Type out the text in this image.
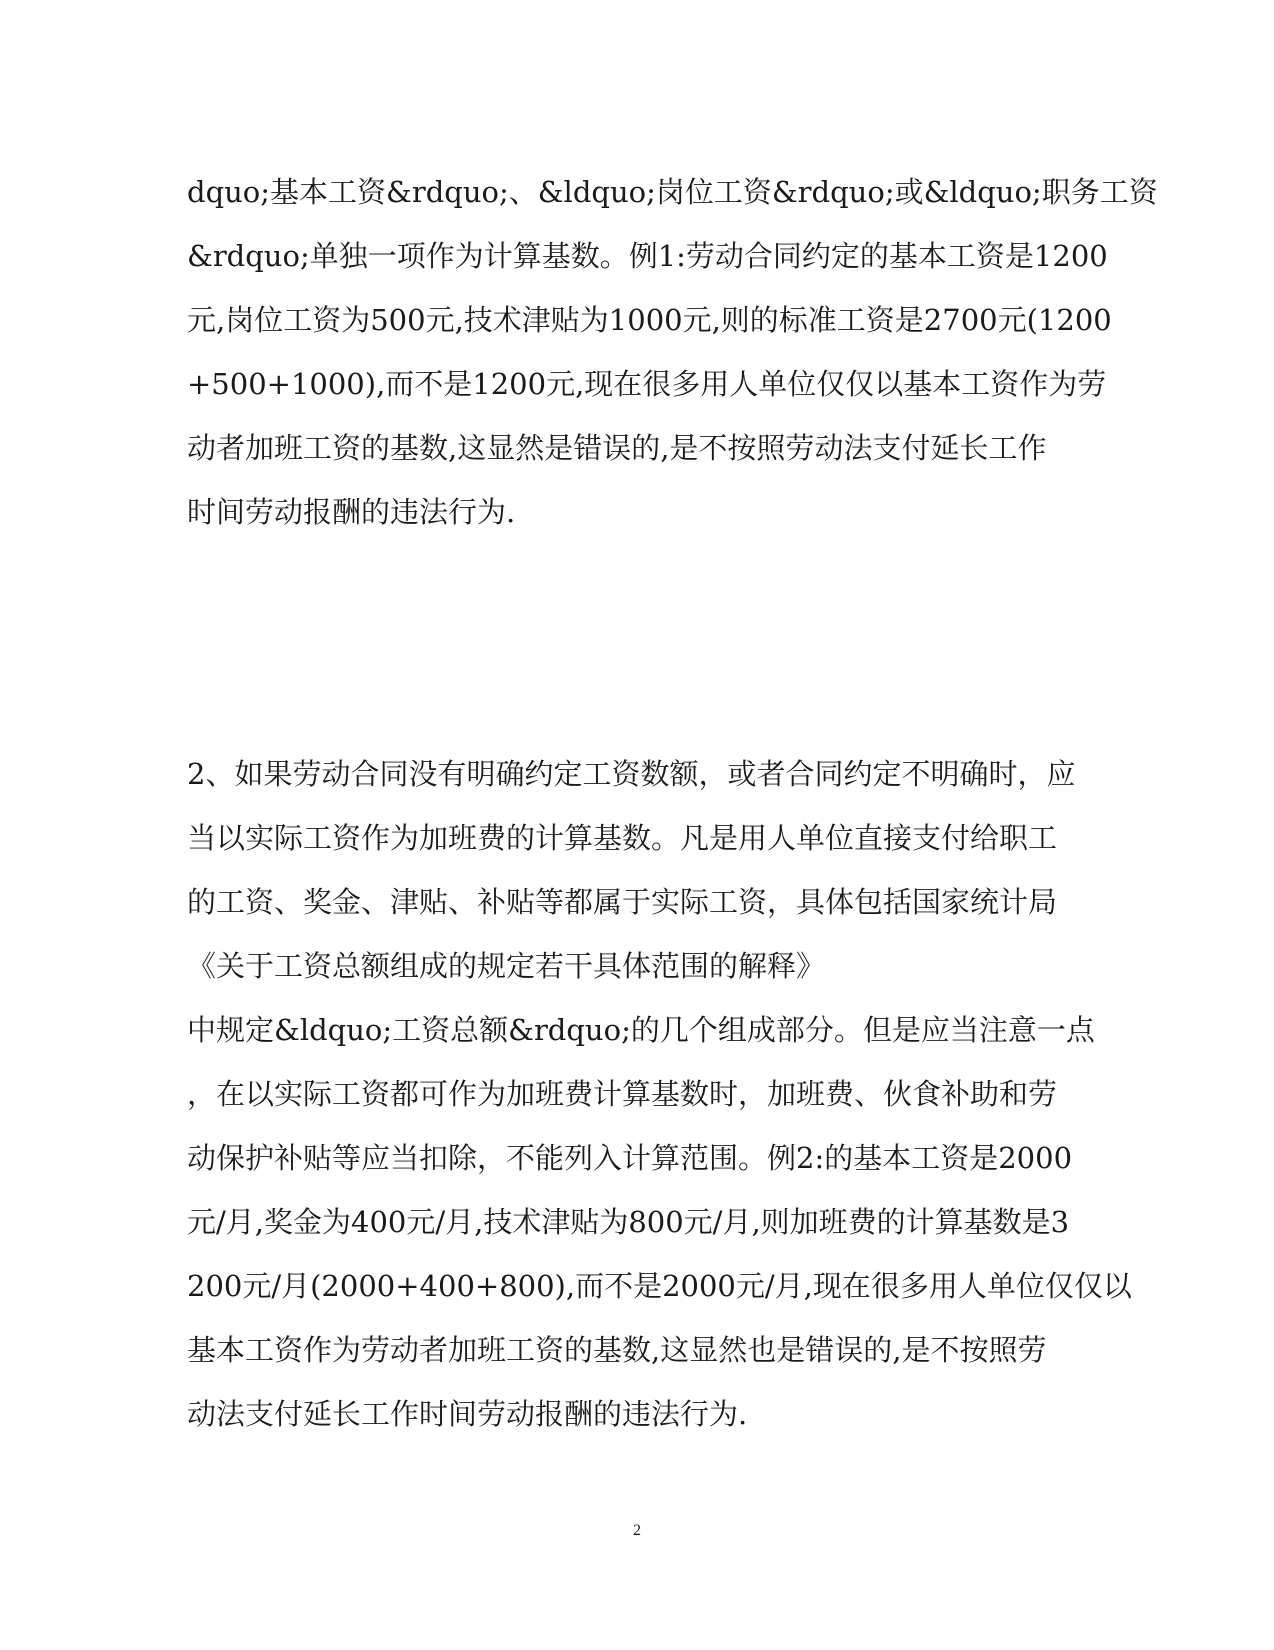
dquo;基本工资&rdquo;、&ldquo;岗位工资&rdquo;或&ldquo;职务工资
&rdquo;单独一项作为计算基数。例1:劳动合同约定的基本工资是1200
元,岗位工资为500元,技术津贴为1000元,则的标准工资是2700元(1200
+500+1000),而不是1200元,现在很多用人单位仅仅以基本工资作为劳
动者加班工资的基数,这显然是错误的,是不按照劳动法支付延长工作
时间劳动报酬的违法行为.
2、如果劳动合同没有明确约定工资数额，或者合同约定不明确时，应
当以实际工资作为加班费的计算基数。凡是用人单位直接支付给职工
的工资、奖金、津贴、补贴等都属于实际工资，具体包括国家统计局
《关于工资总额组成的规定若干具体范围的解释》
中规定&ldquo;工资总额&rdquo;的几个组成部分。但是应当注意一点
，在以实际工资都可作为加班费计算基数时，加班费、伙食补助和劳
动保护补贴等应当扣除，不能列入计算范围。例2:的基本工资是2000
元/月,奖金为400元/月,技术津贴为800元/月,则加班费的计算基数是3
200元/月(2000+400+800),而不是2000元/月,现在很多用人单位仅仅以
基本工资作为劳动者加班工资的基数,这显然也是错误的,是不按照劳
动法支付延长工作时间劳动报酬的违法行为.
2
